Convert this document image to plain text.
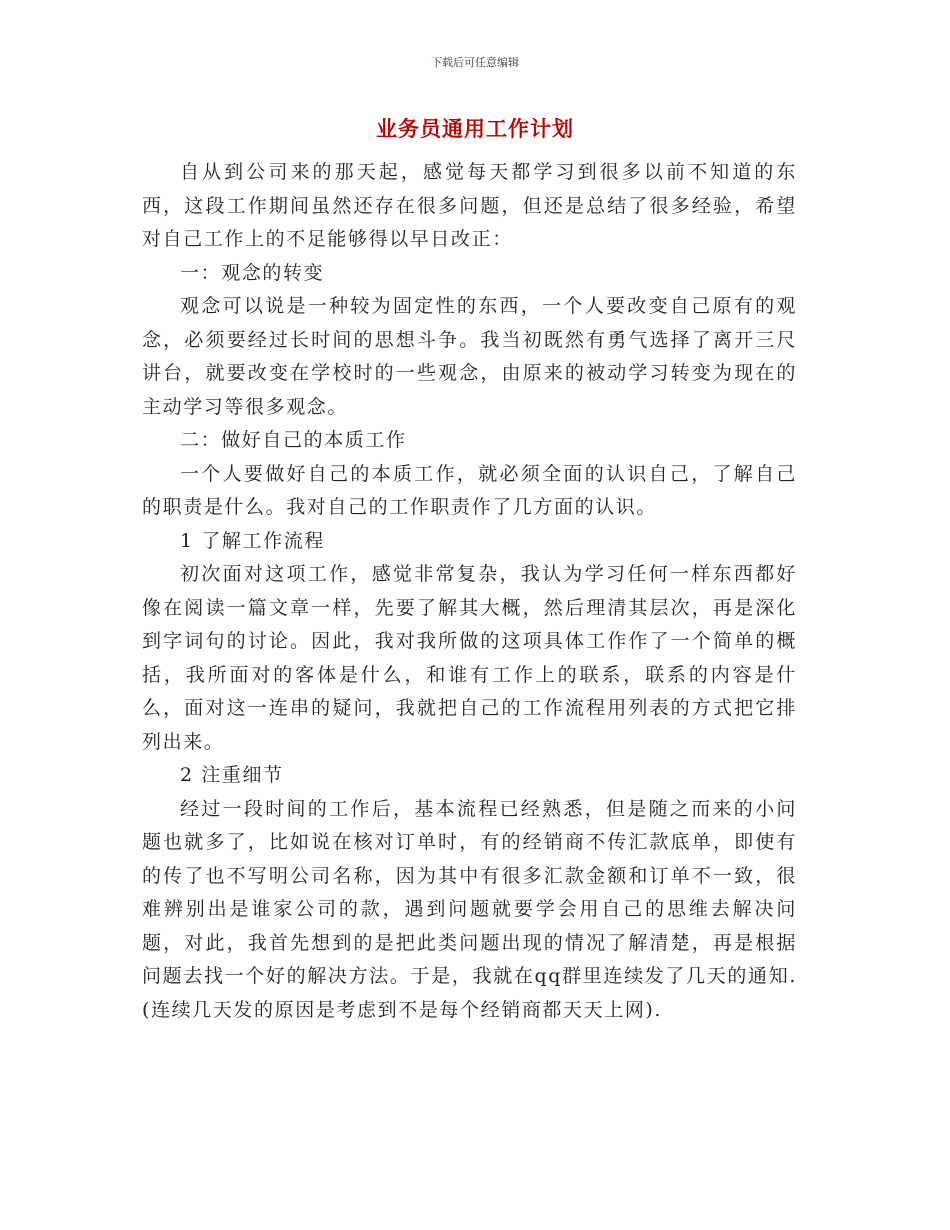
下载后可任意编辑
业务员通用工作计划

自从到公司来的那天起，感觉每天都学习到很多以前不知道的东西，这段工作期间虽然还存在很多问题，但还是总结了很多经验，希望对自己工作上的不足能够得以早日改正：

一：观念的转变

观念可以说是一种较为固定性的东西，一个人要改变自己原有的观念，必须要经过长时间的思想斗争。我当初既然有勇气选择了离开三尺讲台，就要改变在学校时的一些观念，由原来的被动学习转变为现在的主动学习等很多观念。

二：做好自己的本质工作

一个人要做好自己的本质工作，就必须全面的认识自己，了解自己的职责是什么。我对自己的工作职责作了几方面的认识。

1 了解工作流程

初次面对这项工作，感觉非常复杂，我认为学习任何一样东西都好像在阅读一篇文章一样，先要了解其大概，然后理清其层次，再是深化到字词句的讨论。因此，我对我所做的这项具体工作作了一个简单的概括，我所面对的客体是什么，和谁有工作上的联系，联系的内容是什么，面对这一连串的疑问，我就把自己的工作流程用列表的方式把它排列出来。

2 注重细节

经过一段时间的工作后，基本流程已经熟悉，但是随之而来的小问题也就多了，比如说在核对订单时，有的经销商不传汇款底单，即使有的传了也不写明公司名称，因为其中有很多汇款金额和订单不一致，很难辨别出是谁家公司的款，遇到问题就要学会用自己的思维去解决问题，对此，我首先想到的是把此类问题出现的情况了解清楚，再是根据问题去找一个好的解决方法。于是，我就在qq群里连续发了几天的通知.(连续几天发的原因是考虑到不是每个经销商都天天上网).
